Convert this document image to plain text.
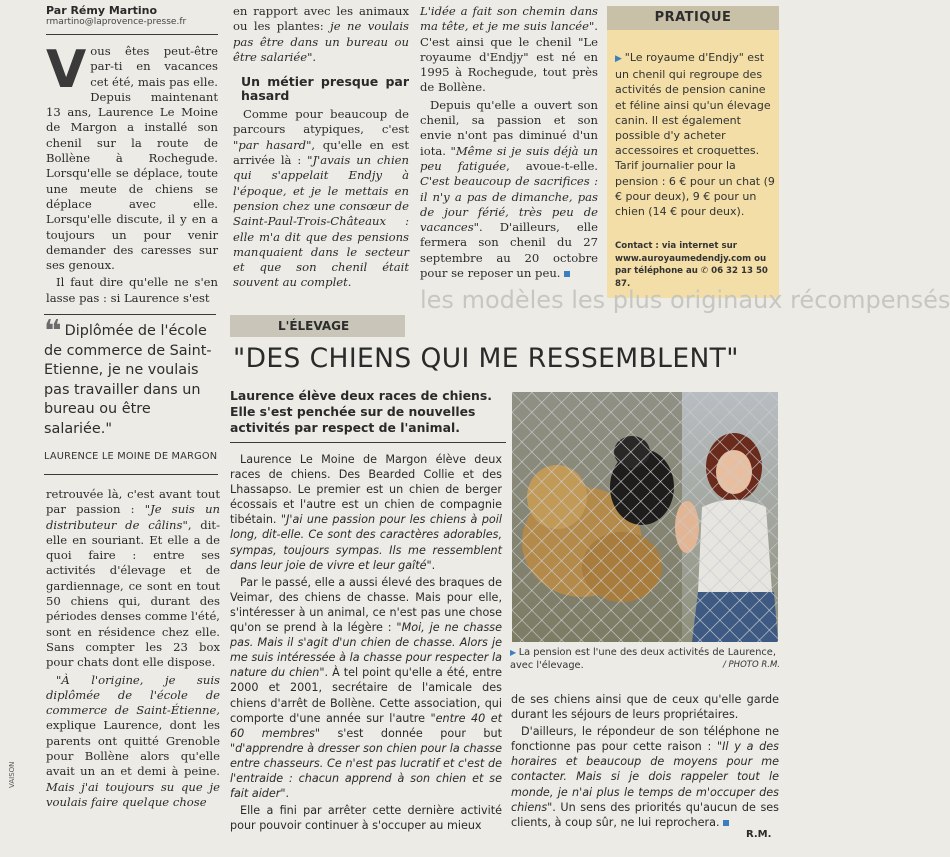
Par Rémy Martino
rmartino@laprovence-presse.fr
V ous êtes peut-être par-ti en vacances cet été, mais pas elle. Depuis maintenant 13 ans, Laurence Le Moine de Margon a installé son chenil sur la route de Bollène à Rochegude. Lorsqu'elle se déplace, toute une meute de chiens se déplace avec elle. Lorsqu'elle discute, il y en a toujours un pour venir demander des caresses sur ses genoux.

Il faut dire qu'elle ne s'en lasse pas : si Laurence s'est

en rapport avec les animaux ou les plantes: je ne voulais pas être dans un bureau ou être salariée".

Un métier presque par hasard

Comme pour beaucoup de parcours atypiques, c'est "par hasard", qu'elle en est arrivée là : "J'avais un chien qui s'appelait Endjy à l'époque, et je le mettais en pension chez une consœur de Saint-Paul-Trois-Châteaux : elle m'a dit que des pensions manquaient dans le secteur et que son chenil était souvent au complet.

L'idée a fait son chemin dans ma tête, et je me suis lancée". C'est ainsi que le chenil "Le royaume d'Endjy" est né en 1995 à Rochegude, tout près de Bollène.

Depuis qu'elle a ouvert son chenil, sa passion et son envie n'ont pas diminué d'un iota. "Même si je suis déjà un peu fatiguée, avoue-t-elle. C'est beaucoup de sacrifices : il n'y a pas de dimanche, pas de jour férié, très peu de vacances". D'ailleurs, elle fermera son chenil du 27 septembre au 20 octobre pour se reposer un peu.

PRATIQUE

▶ "Le royaume d'Endjy" est un chenil qui regroupe des activités de pension canine et féline ainsi qu'un élevage canin. Il est également possible d'y acheter accessoires et croquettes.

Tarif journalier pour la pension : 6 € pour un chat (9 € pour deux), 9 € pour un chien (14 € pour deux).

Contact : via internet sur www.auroyaumedendjy.com ou par téléphone au ✆ 06 32 13 50 87.
les modèles les plus originaux récompensés
❝ Diplômée de l'école de commerce de Saint-Etienne, je ne voulais pas travailler dans un bureau ou être salariée."
LAURENCE LE MOINE DE MARGON

retrouvée là, c'est avant tout par passion : "Je suis un distributeur de câlins", dit-elle en souriant. Et elle a de quoi faire : entre ses activités d'élevage et de gardiennage, ce sont en tout 50 chiens qui, durant des périodes denses comme l'été, sont en résidence chez elle. Sans compter les 23 box pour chats dont elle dispose.

"À l'origine, je suis diplômée de l'école de commerce de Saint-Étienne, explique Laurence, dont les parents ont quitté Grenoble pour Bollène alors qu'elle avait un an et demi à peine. Mais j'ai toujours su que je voulais faire quelque chose

L'ÉLEVAGE
"DES CHIENS QUI ME RESSEMBLENT"
Laurence élève deux races de chiens. Elle s'est penchée sur de nouvelles activités par respect de l'animal.

Laurence Le Moine de Margon élève deux races de chiens. Des Bearded Collie et des Lhassapso. Le premier est un chien de berger écossais et l'autre est un chien de compagnie tibétain. "J'ai une passion pour les chiens à poil long, dit-elle. Ce sont des caractères adorables, sympas, toujours sympas. Ils me ressemblent dans leur joie de vivre et leur gaîté".

Par le passé, elle a aussi élevé des braques de Veimar, des chiens de chasse. Mais pour elle, s'intéresser à un animal, ce n'est pas une chose qu'on se prend à la légère : "Moi, je ne chasse pas. Mais il s'agit d'un chien de chasse. Alors je me suis intéressée à la chasse pour respecter la nature du chien". À tel point qu'elle a été, entre 2000 et 2001, secrétaire de l'amicale des chiens d'arrêt de Bollène. Cette association, qui comporte d'une année sur l'autre "entre 40 et 60 membres" s'est donnée pour but "d'apprendre à dresser son chien pour la chasse entre chasseurs. Ce n'est pas lucratif et c'est de l'entraide : chacun apprend à son chien et se fait aider".

Elle a fini par arrêter cette dernière activité pour pouvoir continuer à s'occuper au mieux

▶ La pension est l'une des deux activités de Laurence, avec l'élevage.	/ PHOTO R.M.

de ses chiens ainsi que de ceux qu'elle garde durant les séjours de leurs propriétaires.

D'ailleurs, le répondeur de son téléphone ne fonctionne pas pour cette raison : "Il y a des horaires et beaucoup de moyens pour me contacter. Mais si je dois rappeler tout le monde, je n'ai plus le temps de m'occuper des chiens". Un sens des priorités qu'aucun de ses clients, à coup sûr, ne lui reprochera.

R.M.
VAISON
